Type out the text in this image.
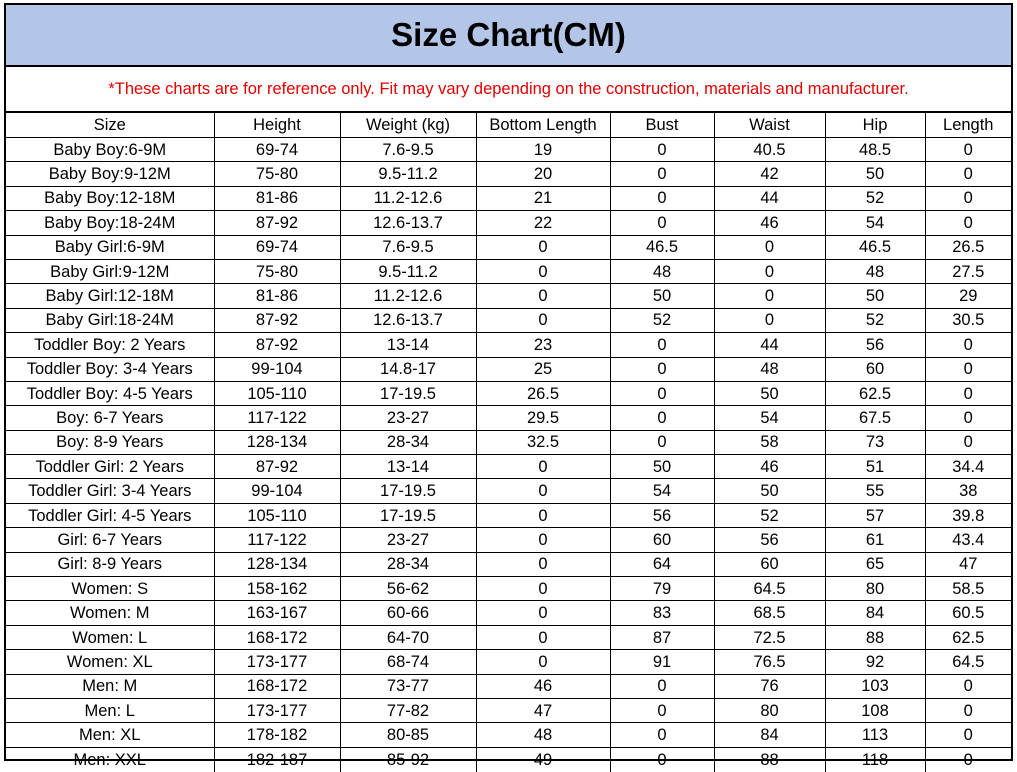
Size Chart(CM)
*These charts are for reference only. Fit may vary depending on the construction, materials and manufacturer.
Size	Height	Weight (kg)	Bottom Length	Bust	Waist	Hip	Length
Baby Boy:6-9M	69-74	7.6-9.5	19	0	40.5	48.5	0
Baby Boy:9-12M	75-80	9.5-11.2	20	0	42	50	0
Baby Boy:12-18M	81-86	11.2-12.6	21	0	44	52	0
Baby Boy:18-24M	87-92	12.6-13.7	22	0	46	54	0
Baby Girl:6-9M	69-74	7.6-9.5	0	46.5	0	46.5	26.5
Baby Girl:9-12M	75-80	9.5-11.2	0	48	0	48	27.5
Baby Girl:12-18M	81-86	11.2-12.6	0	50	0	50	29
Baby Girl:18-24M	87-92	12.6-13.7	0	52	0	52	30.5
Toddler Boy: 2 Years	87-92	13-14	23	0	44	56	0
Toddler Boy: 3-4 Years	99-104	14.8-17	25	0	48	60	0
Toddler Boy: 4-5 Years	105-110	17-19.5	26.5	0	50	62.5	0
Boy: 6-7 Years	117-122	23-27	29.5	0	54	67.5	0
Boy: 8-9 Years	128-134	28-34	32.5	0	58	73	0
Toddler Girl: 2 Years	87-92	13-14	0	50	46	51	34.4
Toddler Girl: 3-4 Years	99-104	17-19.5	0	54	50	55	38
Toddler Girl: 4-5 Years	105-110	17-19.5	0	56	52	57	39.8
Girl: 6-7 Years	117-122	23-27	0	60	56	61	43.4
Girl: 8-9 Years	128-134	28-34	0	64	60	65	47
Women: S	158-162	56-62	0	79	64.5	80	58.5
Women: M	163-167	60-66	0	83	68.5	84	60.5
Women: L	168-172	64-70	0	87	72.5	88	62.5
Women: XL	173-177	68-74	0	91	76.5	92	64.5
Men: M	168-172	73-77	46	0	76	103	0
Men: L	173-177	77-82	47	0	80	108	0
Men: XL	178-182	80-85	48	0	84	113	0
Men: XXL	182-187	85-92	49	0	88	118	0
